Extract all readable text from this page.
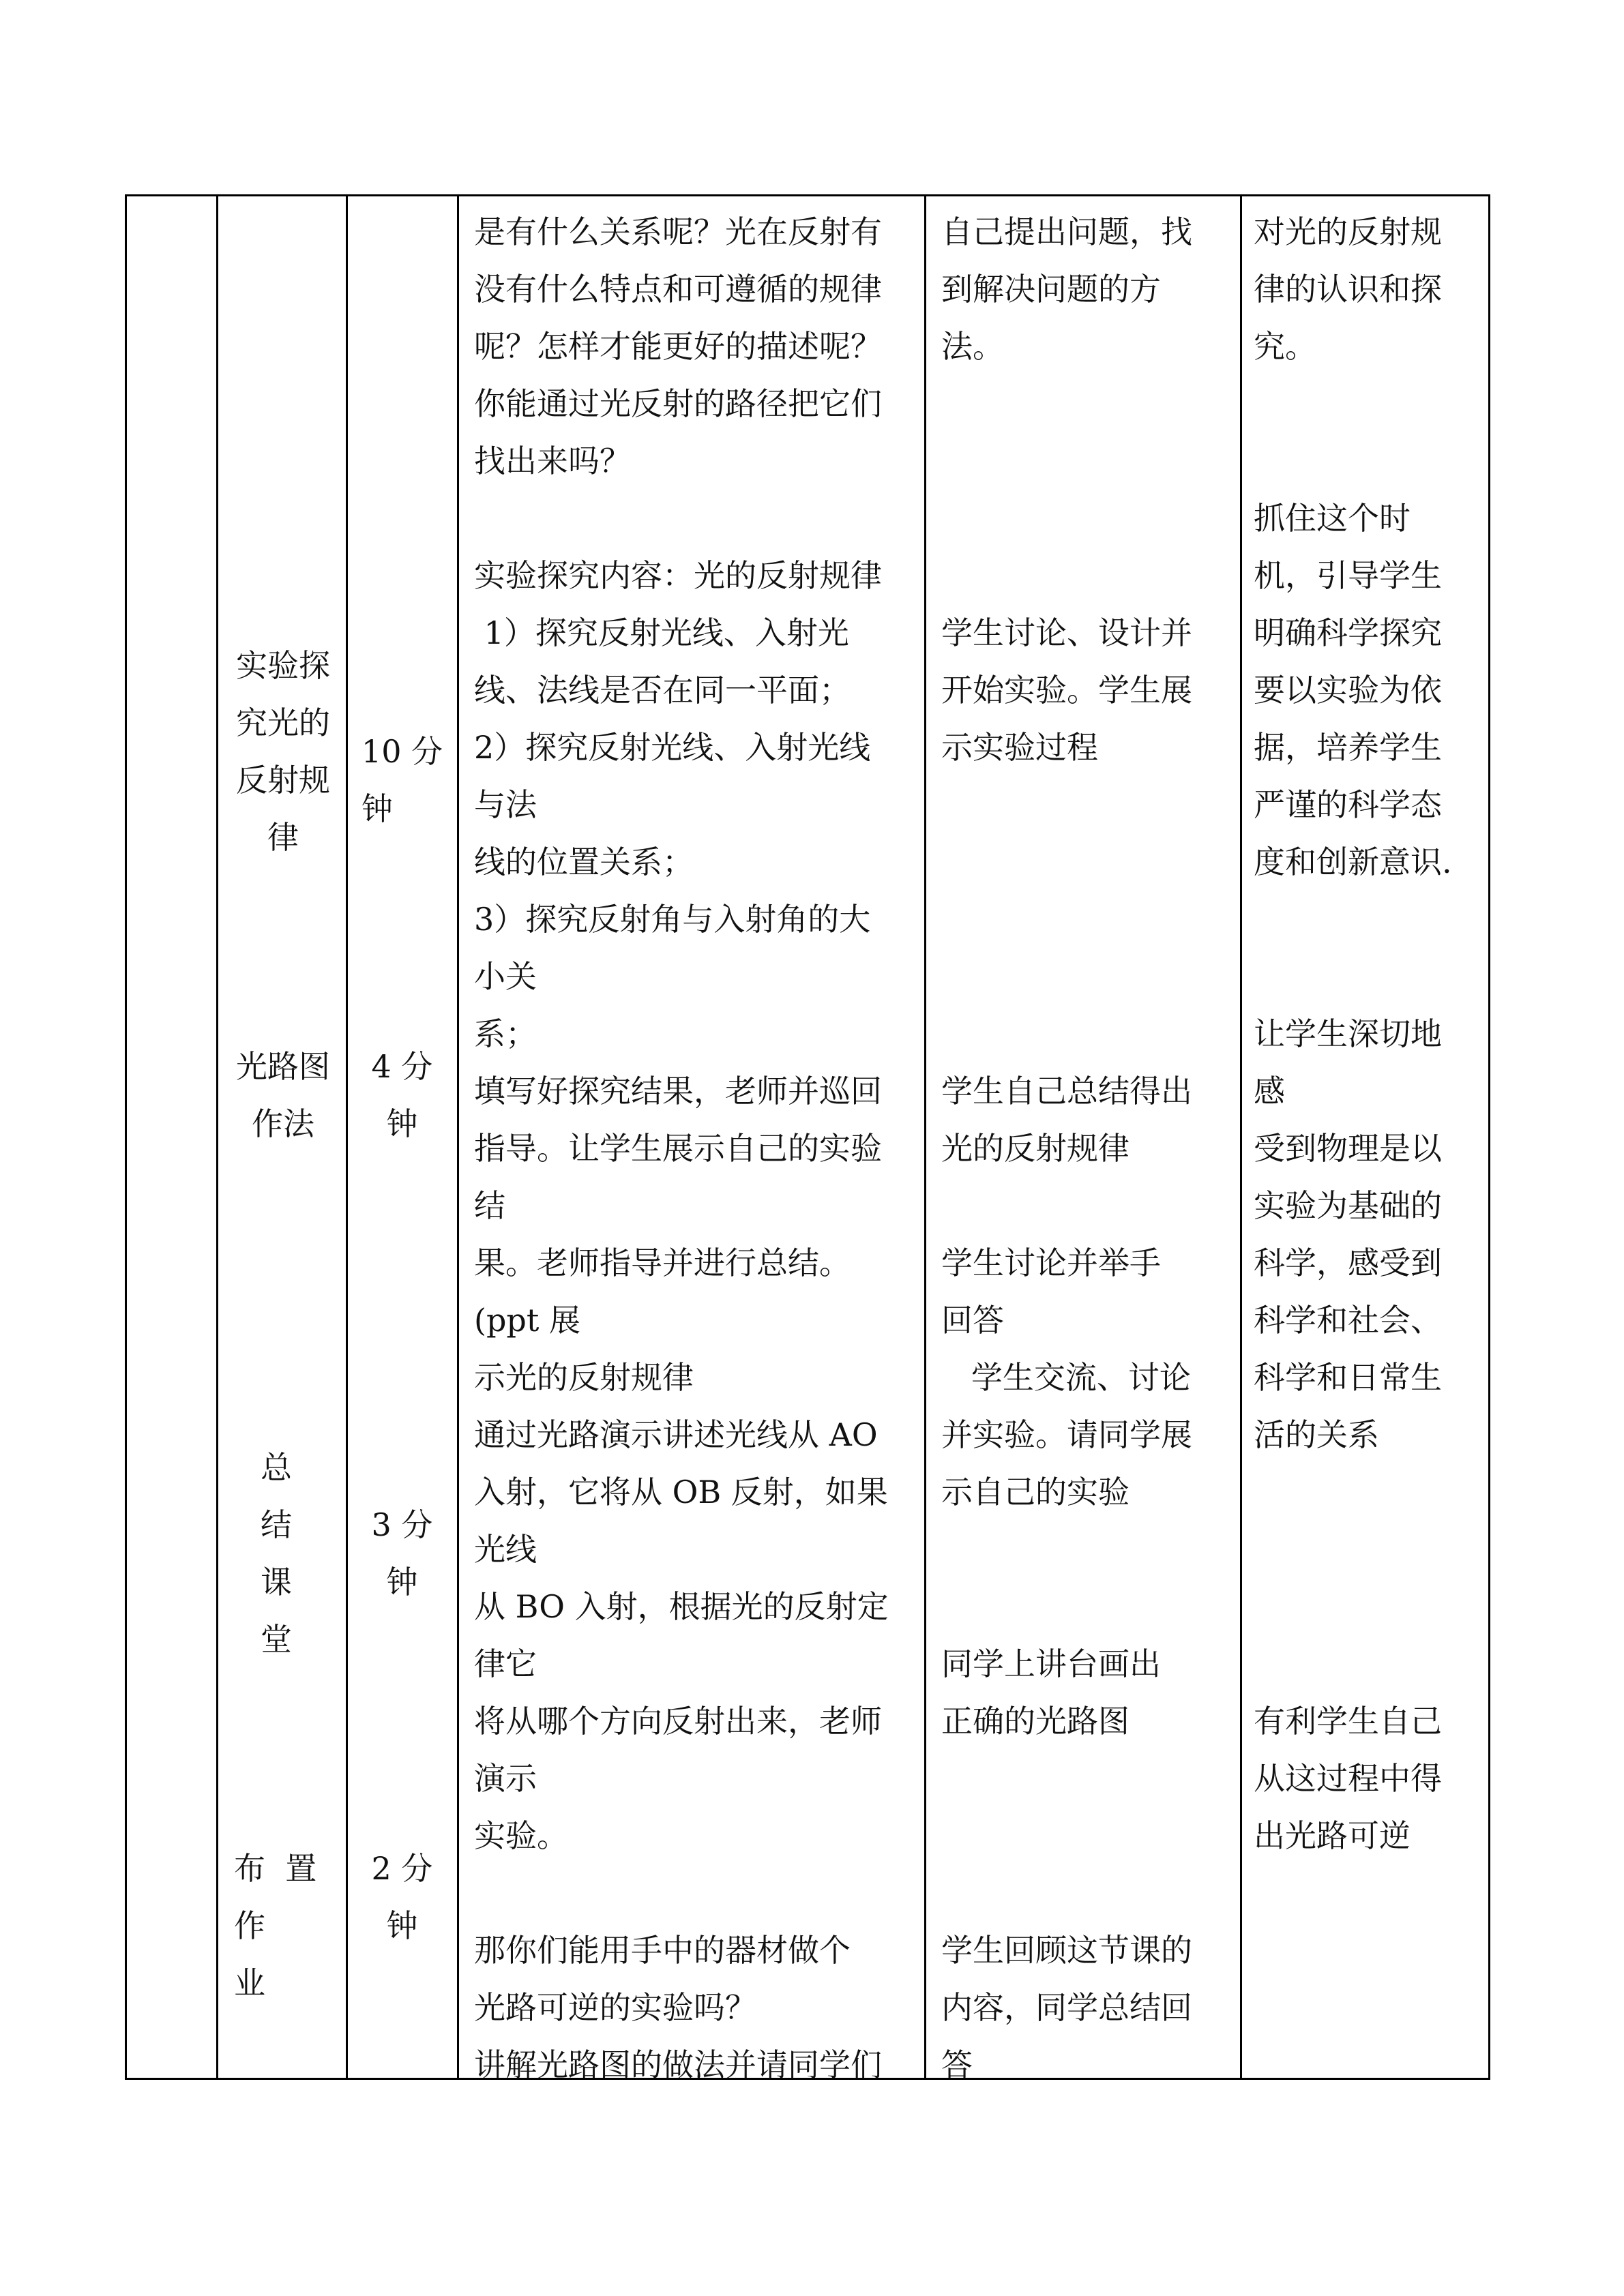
实验探
究光的
反射规
律
光路图
作法
总
结
课
堂
布  置
作
业
10 分
钟
4 分
钟
3 分
钟
2 分
钟
是有什么关系呢？光在反射有
没有什么特点和可遵循的规律
呢？怎样才能更好的描述呢？
你能通过光反射的路径把它们
找出来吗？
实验探究内容：光的反射规律
1）探究反射光线、入射光
线、法线是否在同一平面；
2）探究反射光线、入射光线
与法
线的位置关系；
3）探究反射角与入射角的大
小关
系；
填写好探究结果，老师并巡回
指导。让学生展示自己的实验
结
果。老师指导并进行总结。
(ppt 展
示光的反射规律
通过光路演示讲述光线从 AO
入射，它将从 OB 反射，如果
光线
从 BO 入射，根据光的反射定
律它
将从哪个方向反射出来，老师
演示
实验。
那你们能用手中的器材做个
光路可逆的实验吗？
讲解光路图的做法并请同学们
自己提出问题，找
到解决问题的方
法。
学生讨论、设计并
开始实验。学生展
示实验过程
学生自己总结得出
光的反射规律
学生讨论并举手
回答
学生交流、讨论
并实验。请同学展
示自己的实验
同学上讲台画出
正确的光路图
学生回顾这节课的
内容，同学总结回
答
对光的反射规
律的认识和探
究。
抓住这个时
机，引导学生
明确科学探究
要以实验为依
据，培养学生
严谨的科学态
度和创新意识.
让学生深切地
感
受到物理是以
实验为基础的
科学，感受到
科学和社会、
科学和日常生
活的关系
有利学生自己
从这过程中得
出光路可逆
